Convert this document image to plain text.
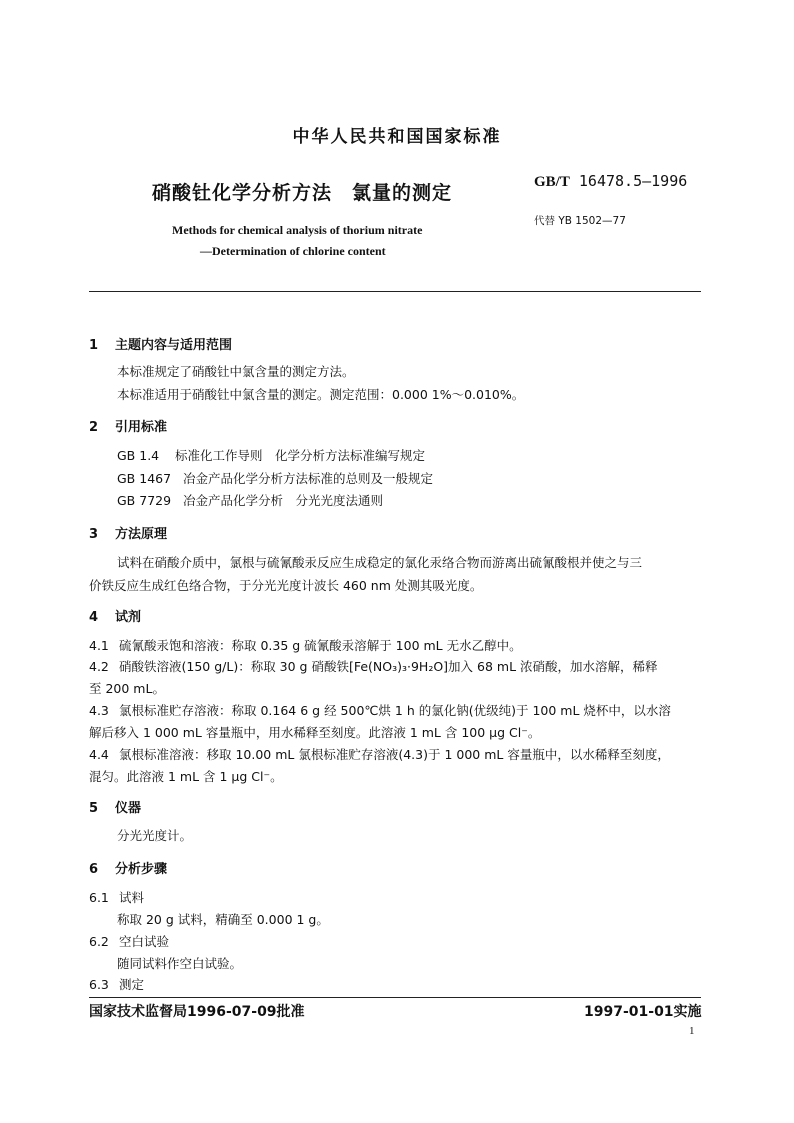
中华人民共和国国家标准
硝酸钍化学分析方法 氯量的测定	GB/T 16478.5—1996
代替 YB 1502—77
Methods for chemical analysis of thorium nitrate
—Determination of chlorine content
1 主题内容与适用范围
本标准规定了硝酸钍中氯含量的测定方法。
本标准适用于硝酸钍中氯含量的测定。测定范围：0.000 1%～0.010%。
2 引用标准
GB 1.4 标准化工作导则　化学分析方法标准编写规定
GB 1467 冶金产品化学分析方法标准的总则及一般规定
GB 7729 冶金产品化学分析　分光光度法通则
3 方法原理
试料在硝酸介质中，氯根与硫氰酸汞反应生成稳定的氯化汞络合物而游离出硫氰酸根并使之与三
价铁反应生成红色络合物，于分光光度计波长 460 nm 处测其吸光度。
4 试剂
4.1 硫氰酸汞饱和溶液：称取 0.35 g 硫氰酸汞溶解于 100 mL 无水乙醇中。
4.2 硝酸铁溶液(150 g/L)：称取 30 g 硝酸铁[Fe(NO₃)₃·9H₂O]加入 68 mL 浓硝酸，加水溶解，稀释
至 200 mL。
4.3 氯根标准贮存溶液：称取 0.164 6 g 经 500℃烘 1 h 的氯化钠(优级纯)于 100 mL 烧杯中，以水溶
解后移入 1 000 mL 容量瓶中，用水稀释至刻度。此溶液 1 mL 含 100 μg Cl⁻。
4.4 氯根标准溶液：移取 10.00 mL 氯根标准贮存溶液(4.3)于 1 000 mL 容量瓶中，以水稀释至刻度，
混匀。此溶液 1 mL 含 1 μg Cl⁻。
5 仪器
分光光度计。
6 分析步骤
6.1 试料
称取 20 g 试料，精确至 0.000 1 g。
6.2 空白试验
随同试料作空白试验。
6.3 测定
国家技术监督局1996-07-09批准	1997-01-01实施
1
